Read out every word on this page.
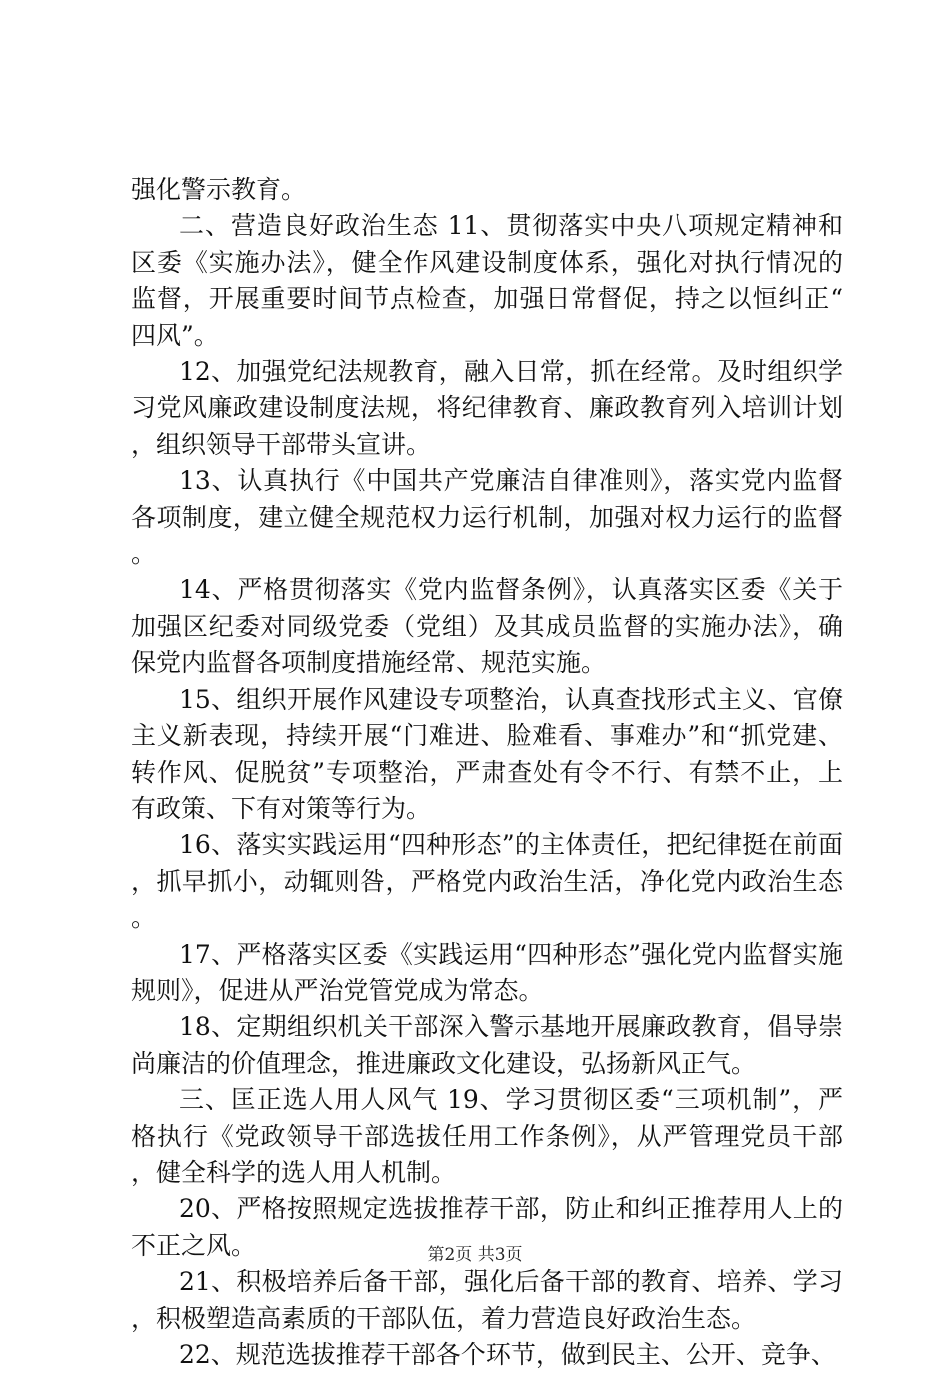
强化警示教育。

二、营造良好政治生态 11、贯彻落实中央八项规定精神和区委《实施办法》，健全作风建设制度体系，强化对执行情况的监督，开展重要时间节点检查，加强日常督促，持之以恒纠正“四风”。

12、加强党纪法规教育，融入日常，抓在经常。及时组织学习党风廉政建设制度法规，将纪律教育、廉政教育列入培训计划，组织领导干部带头宣讲。

13、认真执行《中国共产党廉洁自律准则》，落实党内监督各项制度，建立健全规范权力运行机制，加强对权力运行的监督。

14、严格贯彻落实《党内监督条例》，认真落实区委《关于加强区纪委对同级党委（党组）及其成员监督的实施办法》，确保党内监督各项制度措施经常、规范实施。

15、组织开展作风建设专项整治，认真查找形式主义、官僚主义新表现，持续开展“门难进、脸难看、事难办”和“抓党建、转作风、促脱贫”专项整治，严肃查处有令不行、有禁不止，上有政策、下有对策等行为。

16、落实实践运用“四种形态”的主体责任，把纪律挺在前面，抓早抓小，动辄则咎，严格党内政治生活，净化党内政治生态。

17、严格落实区委《实践运用“四种形态”强化党内监督实施规则》，促进从严治党管党成为常态。

18、定期组织机关干部深入警示基地开展廉政教育，倡导崇尚廉洁的价值理念，推进廉政文化建设，弘扬新风正气。

三、匡正选人用人风气 19、学习贯彻区委“三项机制”，严格执行《党政领导干部选拔任用工作条例》，从严管理党员干部，健全科学的选人用人机制。

20、严格按照规定选拔推荐干部，防止和纠正推荐用人上的不正之风。

21、积极培养后备干部，强化后备干部的教育、培养、学习，积极塑造高素质的干部队伍，着力营造良好政治生态。

22、规范选拔推荐干部各个环节，做到民主、公开、竞争、

第2页 共3页
